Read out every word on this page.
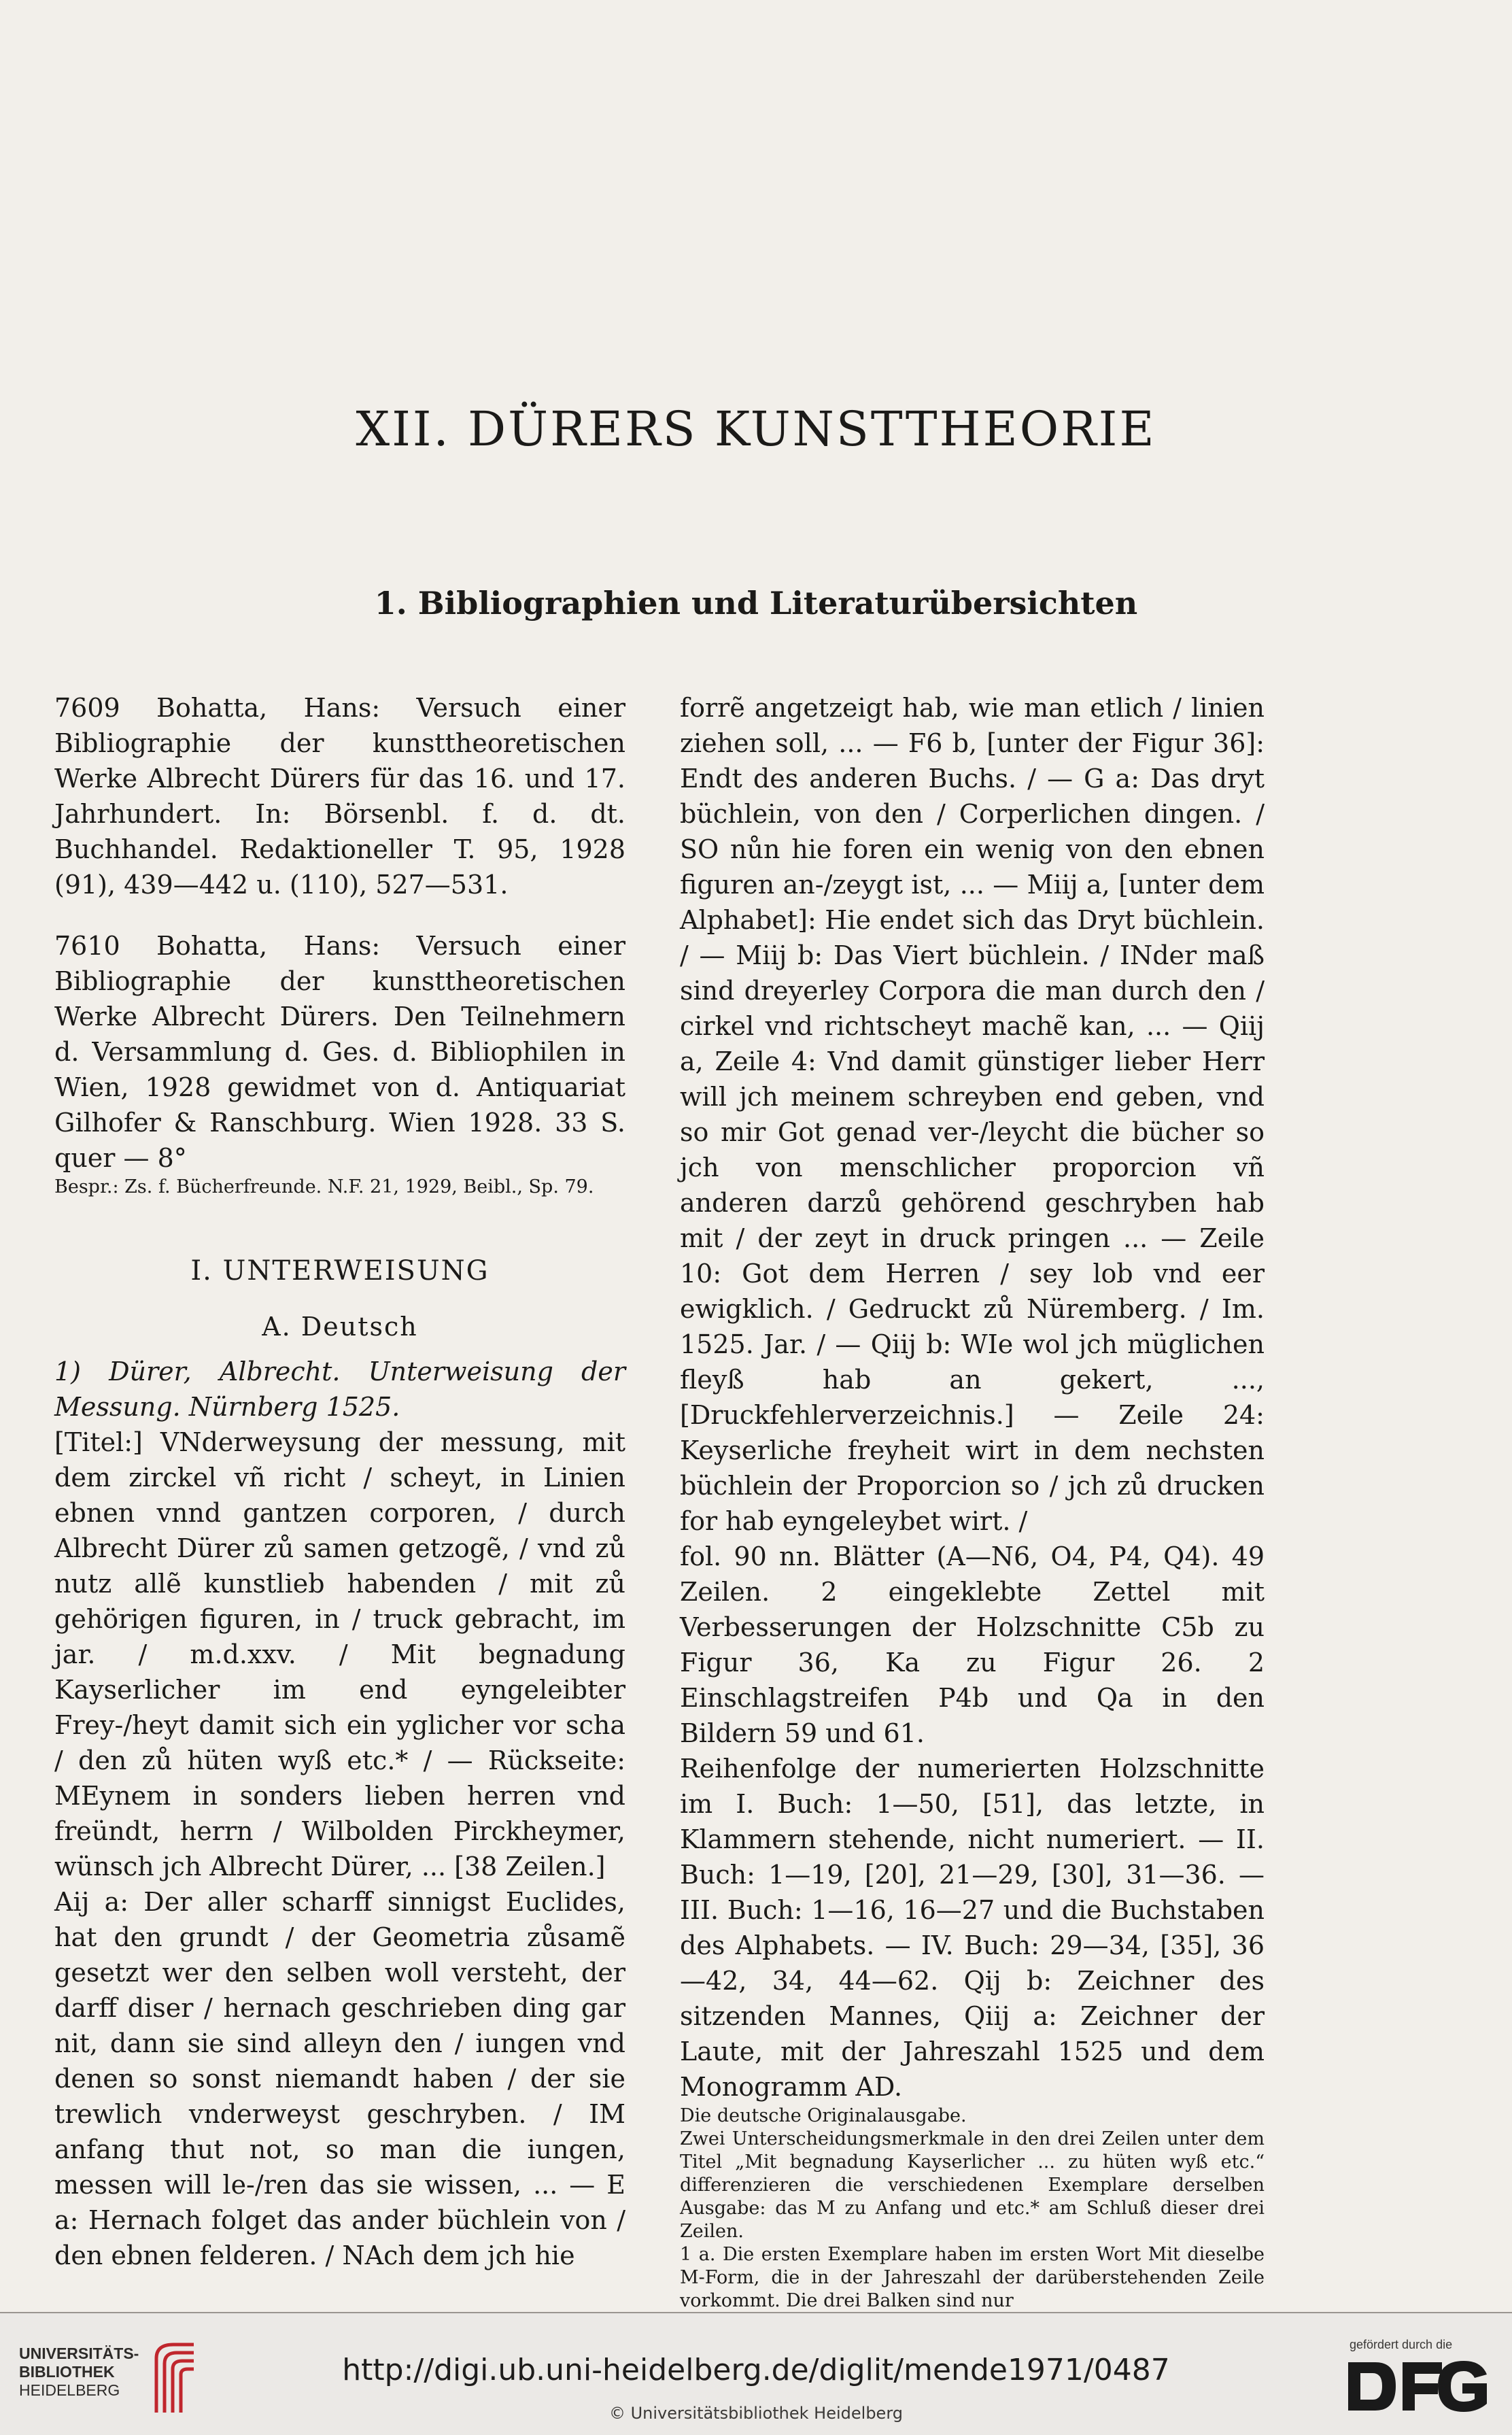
XII. DÜRERS KUNSTTHEORIE
1. Bibliographien und Literaturübersichten

7609 Bohatta, Hans: Versuch einer Bibliographie der kunsttheoretischen Werke Albrecht Dürers für das 16. und 17. Jahrhundert. In: Börsenbl. f. d. dt. Buchhandel. Redaktioneller T. 95, 1928 (91), 439—442 u. (110), 527—531.

7610 Bohatta, Hans: Versuch einer Bibliographie der kunsttheoretischen Werke Albrecht Dürers. Den Teilnehmern d. Versammlung d. Ges. d. Bibliophilen in Wien, 1928 gewidmet von d. Antiquariat Gilhofer & Ranschburg. Wien 1928. 33 S. quer — 8°

Bespr.: Zs. f. Bücherfreunde. N.F. 21, 1929, Beibl., Sp. 79.

I. UNTERWEISUNG
A. Deutsch

1) Dürer, Albrecht. Unterweisung der Messung. Nürnberg 1525.

[Titel:] VNderweysung der messung, mit dem zirckel vñ richt / scheyt, in Linien ebnen vnnd gantzen corporen, / durch Albrecht Dürer zů samen getzogẽ, / vnd zů nutz allẽ kunstlieb habenden / mit zů gehörigen figuren, in / truck gebracht, im jar. / m.d.xxv. / Mit begnadung Kayserlicher im end eyngeleibter Frey-/heyt damit sich ein yglicher vor scha / den zů hüten wyß etc.* / — Rückseite: MEynem in sonders lieben herren vnd freündt, herrn / Wilbolden Pirckheymer, wünsch jch Albrecht Dürer, ... [38 Zeilen.]

Aij a: Der aller scharff sinnigst Euclides, hat den grundt / der Geometria zůsamẽ gesetzt wer den selben woll versteht, der darff diser / hernach geschrieben ding gar nit, dann sie sind alleyn den / iungen vnd denen so sonst niemandt haben / der sie trewlich vnderweyst geschryben. / IM anfang thut not, so man die iungen, messen will le-/ren das sie wissen, ... — E a: Hernach folget das ander büchlein von / den ebnen felderen. / NAch dem jch hie

forrẽ angetzeigt hab, wie man etlich / linien ziehen soll, ... — F6 b, [unter der Figur 36]: Endt des anderen Buchs. / — G a: Das dryt büchlein, von den / Corperlichen dingen. / SO nůn hie foren ein wenig von den ebnen figuren an-/zeygt ist, ... — Miij a, [unter dem Alphabet]: Hie endet sich das Dryt büchlein. / — Miij b: Das Viert büchlein. / INder maß sind dreyerley Corpora die man durch den / cirkel vnd richtscheyt machẽ kan, ... — Qiij a, Zeile 4: Vnd damit günstiger lieber Herr will jch meinem schreyben end geben, vnd so mir Got genad ver-/leycht die bücher so jch von menschlicher proporcion vñ anderen darzů gehörend geschryben hab mit / der zeyt in druck pringen ... — Zeile 10: Got dem Herren / sey lob vnd eer ewigklich. / Gedruckt zů Nüremberg. / Im. 1525. Jar. / — Qiij b: WIe wol jch müglichen fleyß hab an gekert, ..., [Druckfehlerverzeichnis.] — Zeile 24: Keyserliche freyheit wirt in dem nechsten büchlein der Proporcion so / jch zů drucken for hab eyngeleybet wirt. /

fol. 90 nn. Blätter (A—N6, O4, P4, Q4). 49 Zeilen. 2 eingeklebte Zettel mit Verbesserungen der Holzschnitte C5b zu Figur 36, Ka zu Figur 26. 2 Einschlagstreifen P4b und Qa in den Bildern 59 und 61.

Reihenfolge der numerierten Holzschnitte im I. Buch: 1—50, [51], das letzte, in Klammern stehende, nicht numeriert. — II. Buch: 1—19, [20], 21—29, [30], 31—36. — III. Buch: 1—16, 16—27 und die Buchstaben des Alphabets. — IV. Buch: 29—34, [35], 36—42, 34, 44—62. Qij b: Zeichner des sitzenden Mannes, Qiij a: Zeichner der Laute, mit der Jahreszahl 1525 und dem Monogramm AD.

Die deutsche Originalausgabe.

Zwei Unterscheidungsmerkmale in den drei Zeilen unter dem Titel „Mit begnadung Kayserlicher ... zu hüten wyß etc.“ differenzieren die verschiedenen Exemplare derselben Ausgabe: das M zu Anfang und etc.* am Schluß dieser drei Zeilen.

1 a. Die ersten Exemplare haben im ersten Wort Mit dieselbe M-Form, die in der Jahreszahl der darüberstehenden Zeile vorkommt. Die drei Balken sind nur

UNIVERSITÄTS-
BIBLIOTHEK
HEIDELBERG
http://digi.ub.uni-heidelberg.de/diglit/mende1971/0487
© Universitätsbibliothek Heidelberg
gefördert durch die
